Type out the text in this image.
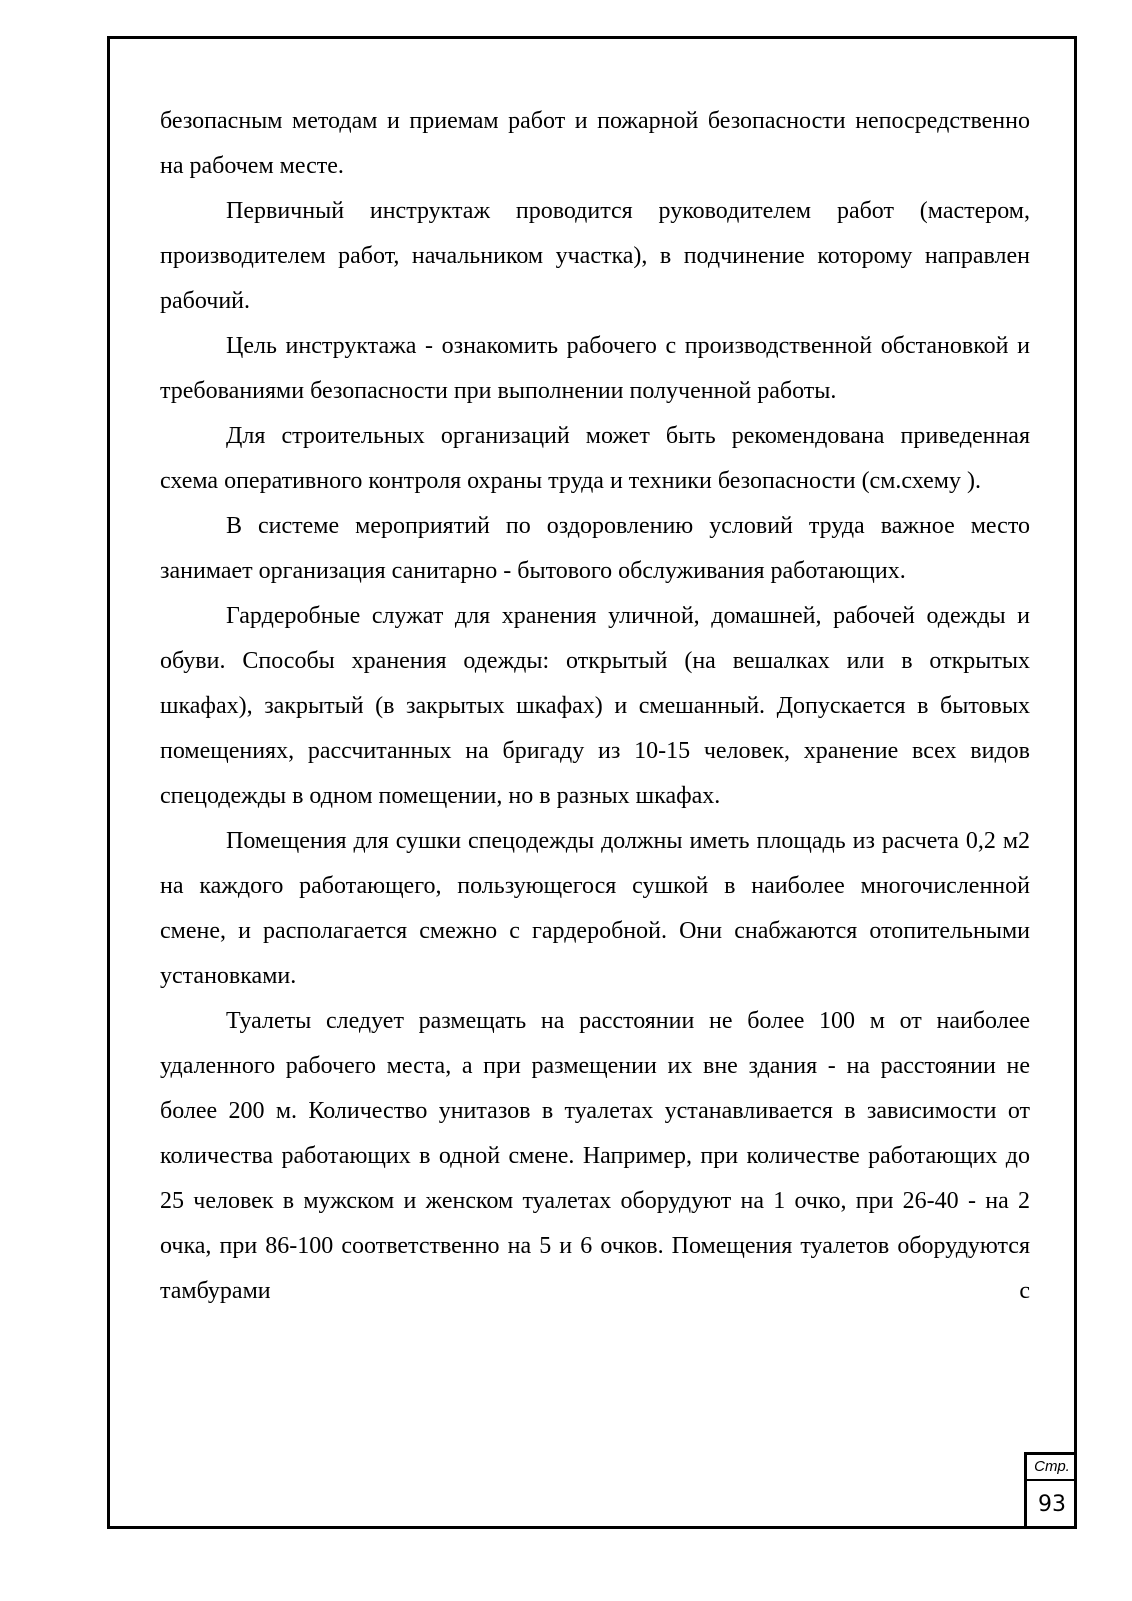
безопасным методам и приемам работ и пожарной безопасности непосредственно на рабочем месте.

Первичный инструктаж проводится руководителем работ (мастером, производителем работ, начальником участка), в подчинение которому направлен рабочий.

Цель инструктажа - ознакомить рабочего с производственной обстановкой и требованиями безопасности при выполнении полученной работы.

Для строительных организаций может быть рекомендована приведенная схема оперативного контроля охраны труда и техники безопасности (см.схему ).

В системе мероприятий по оздоровлению условий труда важное место занимает организация санитарно - бытового обслуживания работающих.

Гардеробные служат для хранения уличной, домашней, рабочей одежды и обуви. Способы хранения одежды: открытый (на вешалках или в открытых шкафах), закрытый (в закрытых шкафах) и смешанный. Допускается в бытовых помещениях, рассчитанных на бригаду из 10-15 человек, хранение всех видов спецодежды в одном помещении, но в разных шкафах.

Помещения для сушки спецодежды должны иметь площадь из расчета 0,2 м2 на каждого работающего, пользующегося сушкой в наиболее многочисленной смене, и располагается смежно с гардеробной. Они снабжаются отопительными установками.

Туалеты следует размещать на расстоянии не более 100 м от наиболее удаленного рабочего места, а при размещении их вне здания - на расстоянии не более 200 м. Количество унитазов в туалетах устанавливается в зависимости от количества работающих в одной смене. Например, при количестве работающих до 25 человек в мужском и женском туалетах оборудуют на 1 очко, при 26-40 - на 2 очка, при 86-100 соответственно на 5 и 6 очков. Помещения туалетов оборудуются тамбурами с

Стр.
93
